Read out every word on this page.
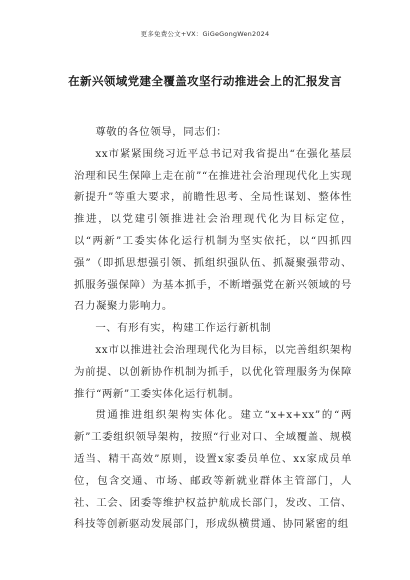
更多免费公文+VX：GiGeGongWen2024
在新兴领域党建全覆盖攻坚行动推进会上的汇报发言

尊敬的各位领导，同志们：

xx市紧紧围绕习近平总书记对我省提出“在强化基层治理和民生保障上走在前”“在推进社会治理现代化上实现新提升”等重大要求，前瞻性思考、全局性谋划、整体性推进，以党建引领推进社会治理现代化为目标定位，以“两新”工委实体化运行机制为坚实依托，以“四抓四强”（即抓思想强引领、抓组织强队伍、抓凝聚强带动、抓服务强保障）为基本抓手，不断增强党在新兴领域的号召力凝聚力影响力。

一、有形有实，构建工作运行新机制

xx市以推进社会治理现代化为目标，以完善组织架构为前提、以创新协作机制为抓手，以优化管理服务为保障推行“两新”工委实体化运行机制。

贯通推进组织架构实体化。建立“x+x+xx”的“两新”工委组织领导架构，按照“行业对口、全域覆盖、规模适当、精干高效”原则，设置x家委员单位、xx家成员单位，包含交通、市场、邮政等新就业群体主管部门，人社、工会、团委等维护权益护航成长部门，发改、工信、科技等创新驱动发展部门，形成纵横贯通、协同紧密的组
